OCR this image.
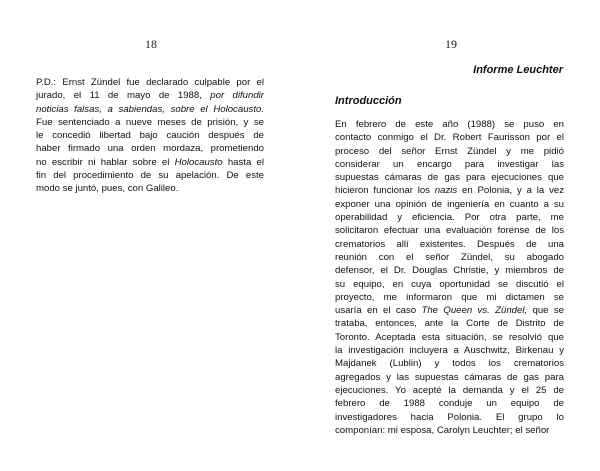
18
P.D.: Ernst Zündel fue declarado culpable por el
jurado, el 11 de mayo de 1988, por difundir
noticias falsas, a sabiendas, sobre el Holocausto.
Fue sentenciado a nueve meses de prisión, y se
le concedió libertad bajo caución después de
haber firmado una orden mordaza, prometiendo
no escribir ni hablar sobre el Holocausto hasta el
fin del procedimiento de su apelación. De este
modo se juntó, pues, con Galileo.
19
Informe Leuchter
Introducción
En febrero de este año (1988) se puso en
contacto conmigo el Dr. Robert Faurisson por el
proceso del señor Ernst Zündel y me pidió
considerar un encargo para investigar las
supuestas cámaras de gas para ejecuciones que
hicieron funcionar los nazis en Polonia, y a la vez
exponer una opinión de ingeniería en cuanto a su
operabilidad y eficiencia. Por otra parte, me
solicitaron efectuar una evaluación forense de los
crematorios allí existentes. Después de una
reunión con el señor Zündel, su abogado
defensor, el Dr. Douglas Christie, y miembros de
su equipo, en cuya oportunidad se discutió el
proyecto, me informaron que mi dictamen se
usaría en el caso The Queen vs. Zündel, que se
trataba, entonces, ante la Corte de Distrito de
Toronto. Aceptada esta situación, se resolvió que
la investigación incluyera a Auschwitz, Birkenau y
Majdanek (Lublin) y todos los crematorios
agregados y las supuestas cámaras de gas para
ejecuciones. Yo acepté la demanda y el 25 de
febrero de 1988 conduje un equipo de
investigadores hacia Polonia. El grupo lo
componían: mi esposa, Carolyn Leuchter; el señor
